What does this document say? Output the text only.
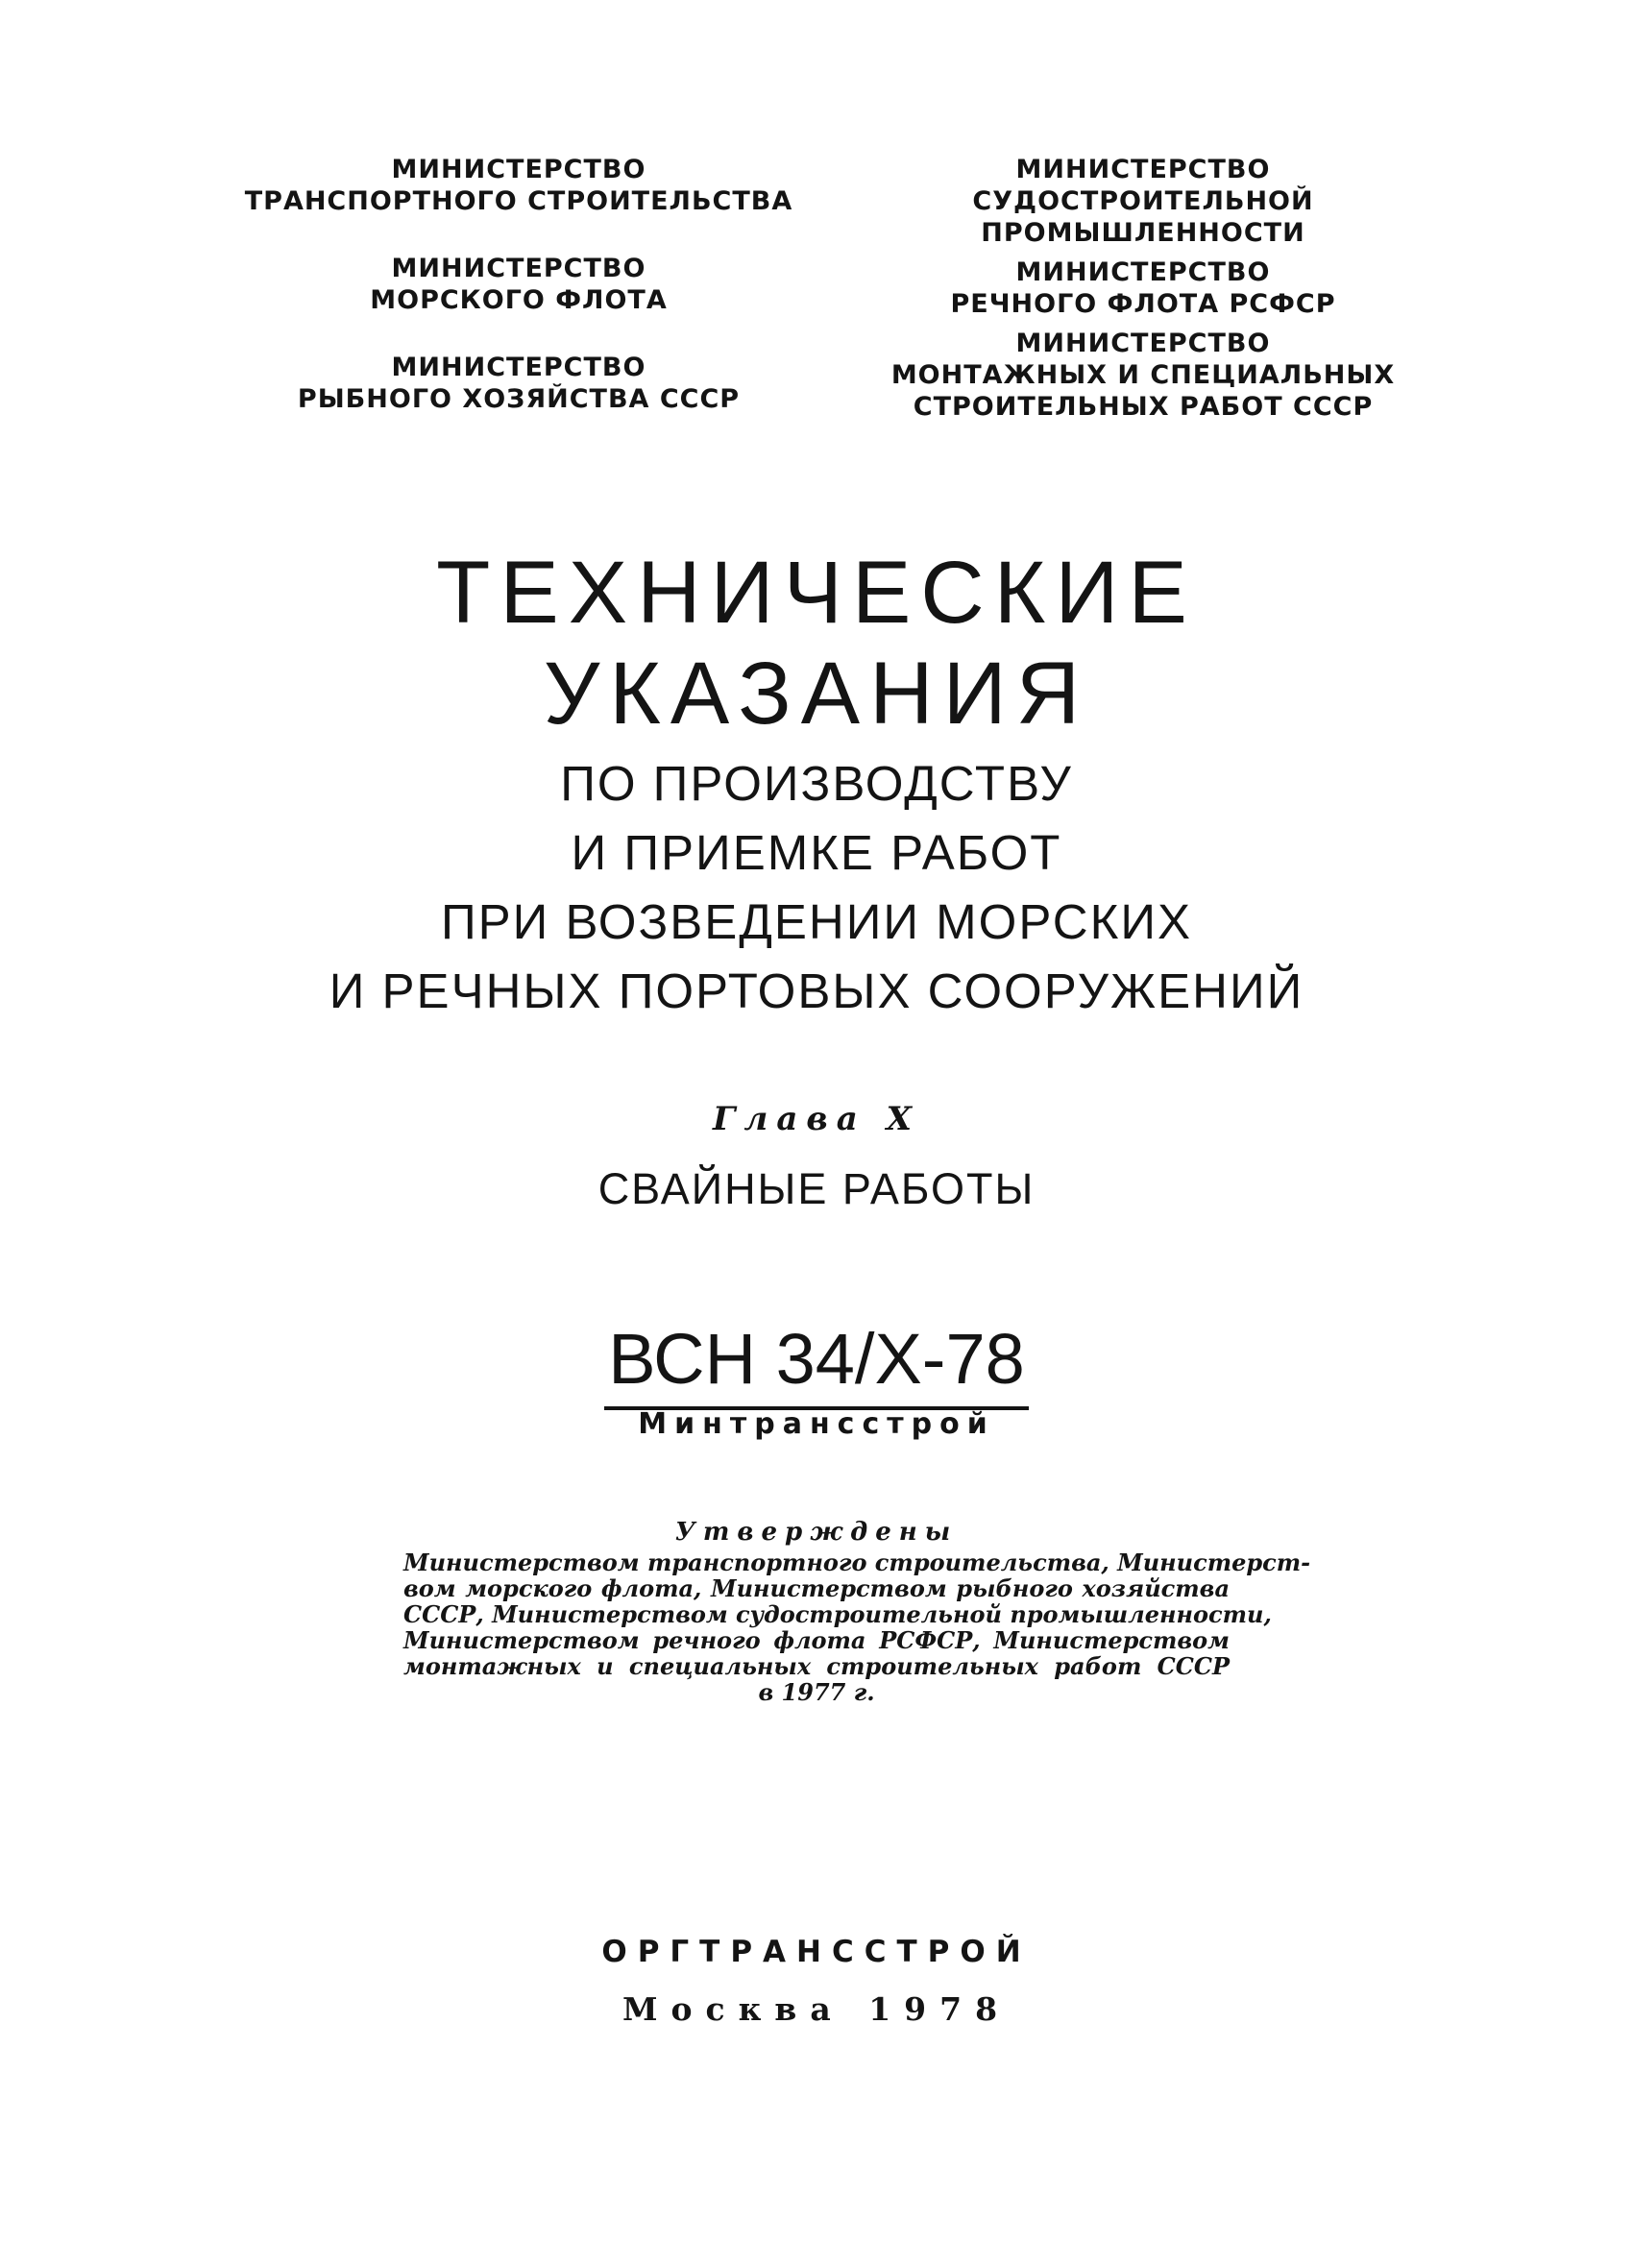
МИНИСТЕРСТВО
ТРАНСПОРТНОГО СТРОИТЕЛЬСТВА
МИНИСТЕРСТВО
МОРСКОГО ФЛОТА
МИНИСТЕРСТВО
РЫБНОГО ХОЗЯЙСТВА СССР
МИНИСТЕРСТВО
СУДОСТРОИТЕЛЬНОЙ
ПРОМЫШЛЕННОСТИ
МИНИСТЕРСТВО
РЕЧНОГО ФЛОТА РСФСР
МИНИСТЕРСТВО
МОНТАЖНЫХ И СПЕЦИАЛЬНЫХ
СТРОИТЕЛЬНЫХ РАБОТ СССР
ТЕХНИЧЕСКИЕ
УКАЗАНИЯ
ПО ПРОИЗВОДСТВУ
И ПРИЕМКЕ РАБОТ
ПРИ ВОЗВЕДЕНИИ МОРСКИХ
И РЕЧНЫХ ПОРТОВЫХ СООРУЖЕНИЙ
Глава X
СВАЙНЫЕ РАБОТЫ
ВСН 34/X-78
Минтрансстрой
Утверждены
Министерством транспортного строительства, Министерст-
вом морского флота, Министерством рыбного хозяйства
СССР, Министерством судостроительной промышленности,
Министерством речного флота РСФСР, Министерством
монтажных и специальных строительных работ СССР
в 1977 г.
ОРГТРАНССТРОЙ
Москва 1978
